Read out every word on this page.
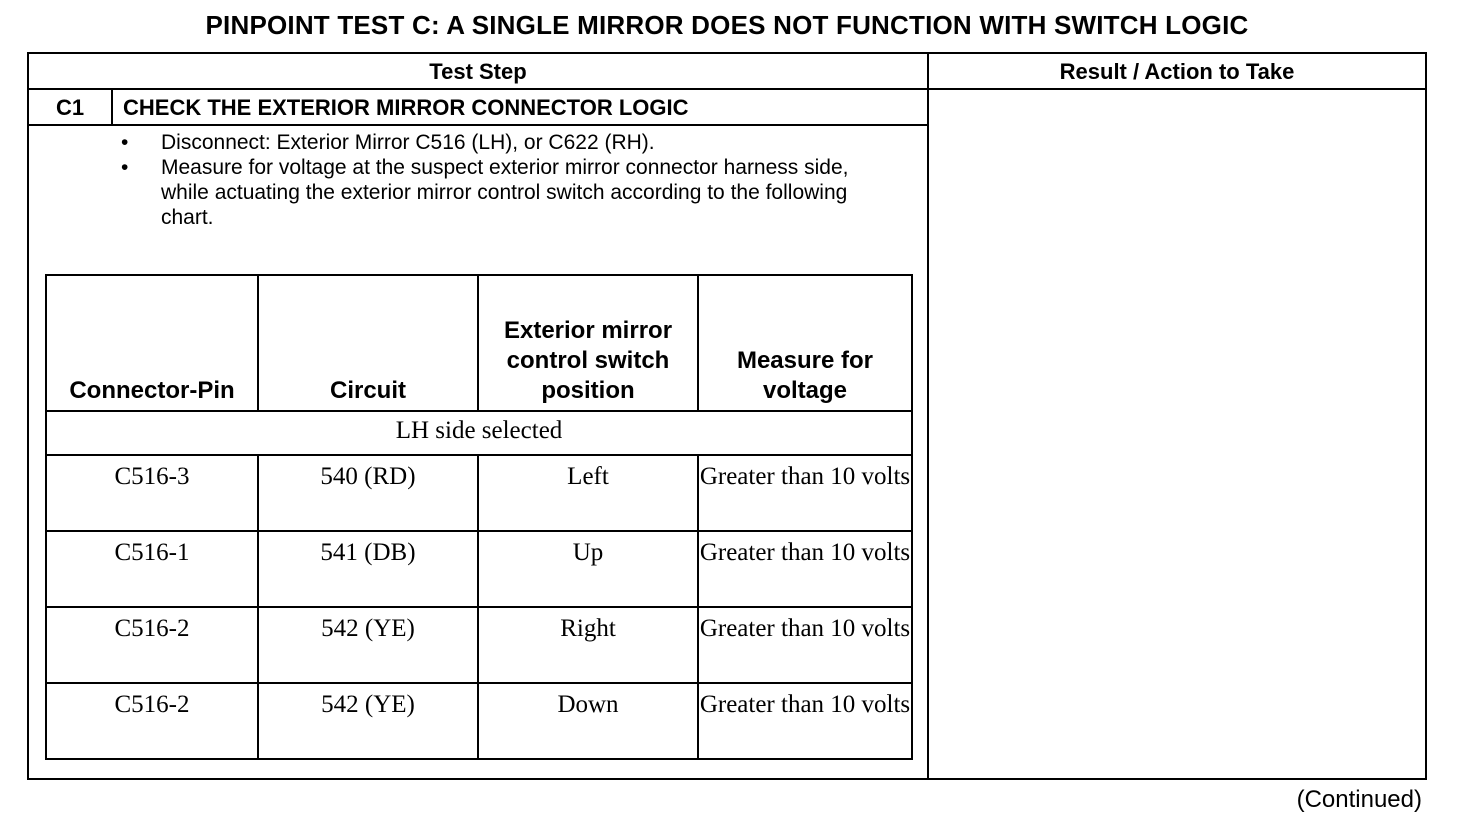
PINPOINT TEST C: A SINGLE MIRROR DOES NOT FUNCTION WITH SWITCH LOGIC
Test Step	Result / Action to Take
C1	CHECK THE EXTERIOR MIRROR CONNECTOR LOGIC
•	Disconnect: Exterior Mirror C516 (LH), or C622 (RH).
•	Measure for voltage at the suspect exterior mirror connector harness side, while actuating the exterior mirror control switch according to the following chart.
Connector-Pin	Circuit	Exterior mirror control switch position	Measure for voltage
LH side selected			
C516-3	540 (RD)	Left	Greater than 10 volts
C516-1	541 (DB)	Up	Greater than 10 volts
C516-2	542 (YE)	Right	Greater than 10 volts
C516-2	542 (YE)	Down	Greater than 10 volts
(Continued)
